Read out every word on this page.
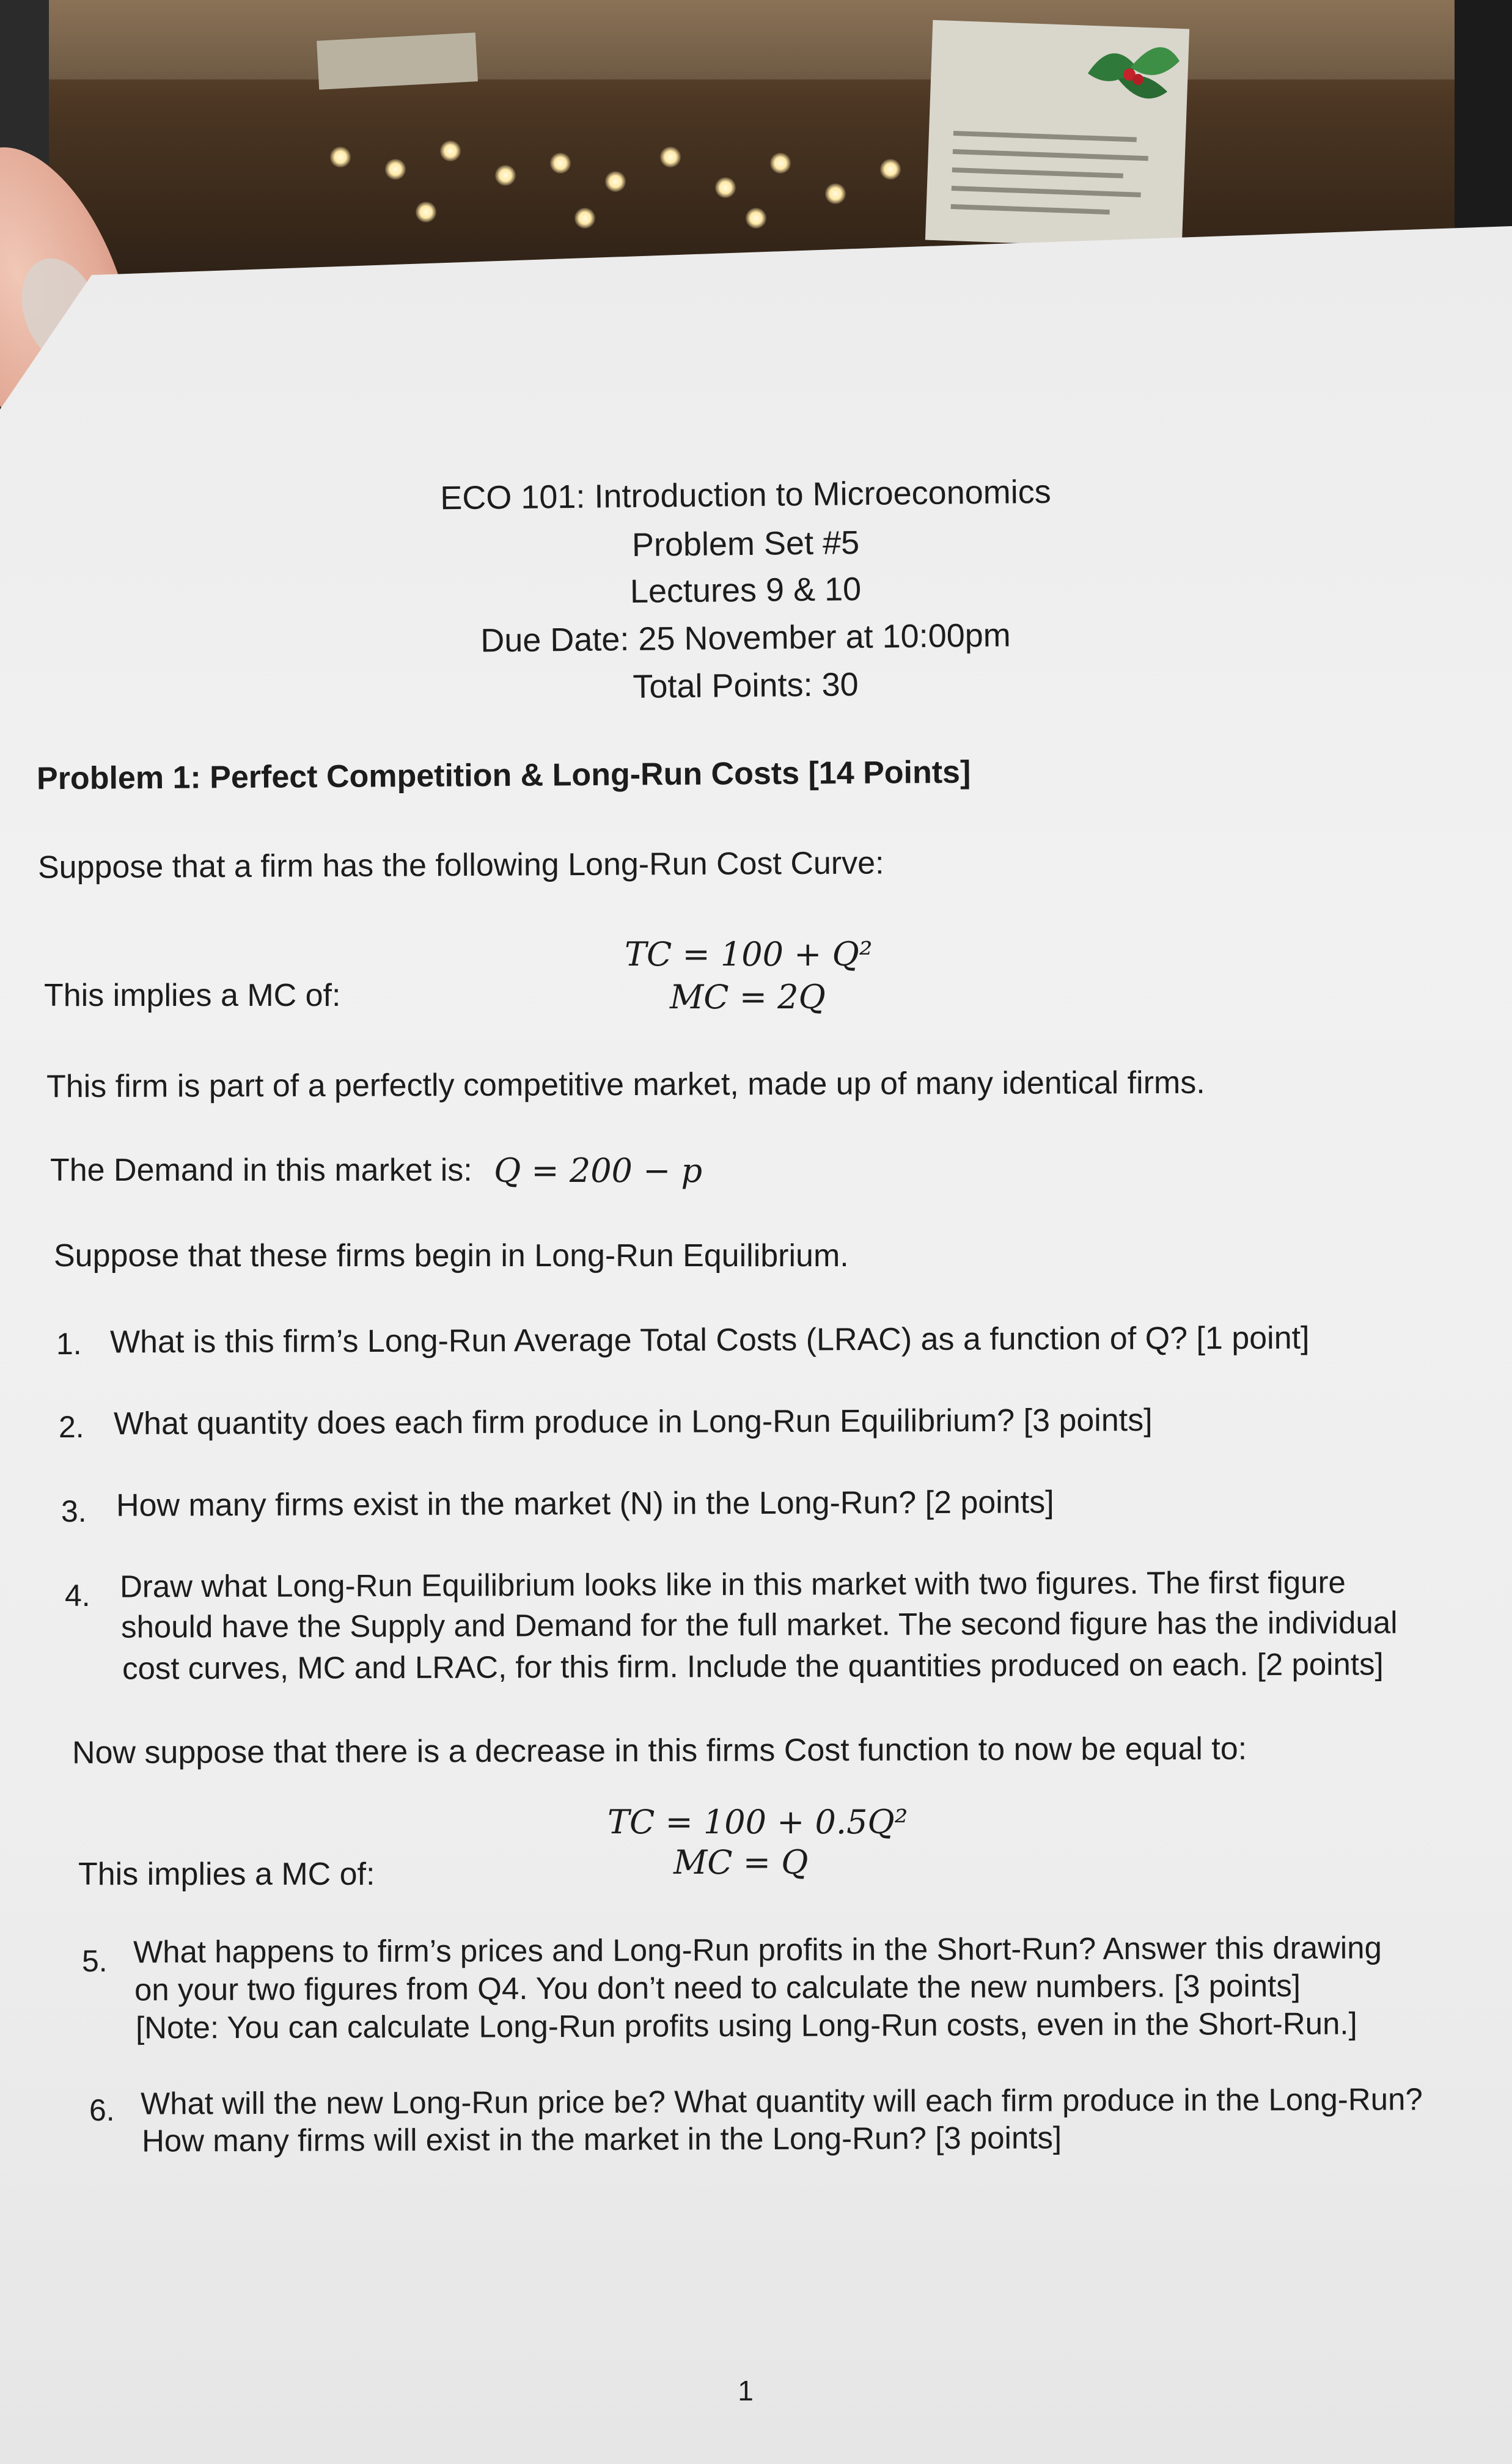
ECO 101: Introduction to Microeconomics
Problem Set #5
Lectures 9 & 10
Due Date: 25 November at 10:00pm
Total Points: 30
Problem 1: Perfect Competition & Long-Run Costs [14 Points]
Suppose that a firm has the following Long-Run Cost Curve:
TC = 100 + Q²
This implies a MC of:	MC = 2Q
This firm is part of a perfectly competitive market, made up of many identical firms.
The Demand in this market is: Q = 200 − p
Suppose that these firms begin in Long-Run Equilibrium.
1. What is this firm’s Long-Run Average Total Costs (LRAC) as a function of Q? [1 point]
2. What quantity does each firm produce in Long-Run Equilibrium? [3 points]
3. How many firms exist in the market (N) in the Long-Run? [2 points]
4. Draw what Long-Run Equilibrium looks like in this market with two figures. The first figure
should have the Supply and Demand for the full market. The second figure has the individual
cost curves, MC and LRAC, for this firm. Include the quantities produced on each. [2 points]
Now suppose that there is a decrease in this firms Cost function to now be equal to:
TC = 100 + 0.5Q²
This implies a MC of:	MC = Q
5. What happens to firm’s prices and Long-Run profits in the Short-Run? Answer this drawing
on your two figures from Q4. You don’t need to calculate the new numbers. [3 points]
[Note: You can calculate Long-Run profits using Long-Run costs, even in the Short-Run.]
6. What will the new Long-Run price be? What quantity will each firm produce in the Long-Run?
How many firms will exist in the market in the Long-Run? [3 points]
1
